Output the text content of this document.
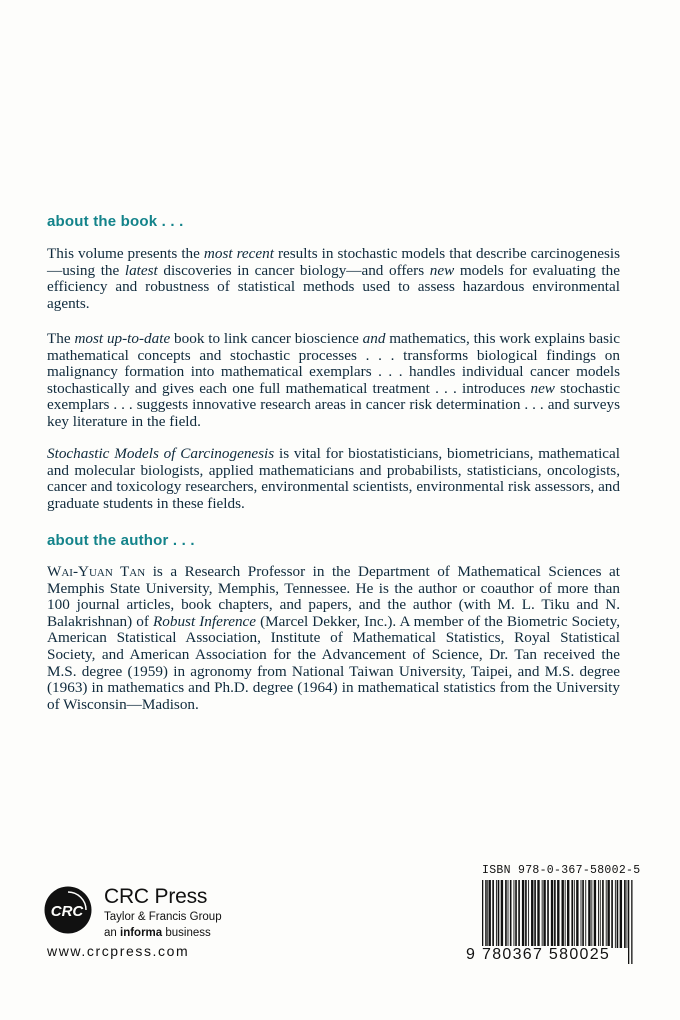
about the book . . .
This volume presents the most recent results in stochastic models that describe carcinogenesis—using the latest discoveries in cancer biology—and offers new models for evaluating the efficiency and robustness of statistical methods used to assess hazardous environmental agents.
The most up-to-date book to link cancer bioscience and mathematics, this work explains basic mathematical concepts and stochastic processes . . . transforms biological findings on malignancy formation into mathematical exemplars . . . handles individual cancer models stochastically and gives each one full mathematical treatment . . . introduces new stochastic exemplars . . . suggests innovative research areas in cancer risk determination . . . and surveys key literature in the field.
Stochastic Models of Carcinogenesis is vital for biostatisticians, biometricians, mathematical and molecular biologists, applied mathematicians and probabilists, statisticians, oncologists, cancer and toxicology researchers, environmental scientists, environmental risk assessors, and graduate students in these fields.
about the author . . .
Wai-Yuan Tan is a Research Professor in the Department of Mathematical Sciences at Memphis State University, Memphis, Tennessee. He is the author or coauthor of more than 100 journal articles, book chapters, and papers, and the author (with M. L. Tiku and N. Balakrishnan) of Robust Inference (Marcel Dekker, Inc.). A member of the Biometric Society, American Statistical Association, Institute of Mathematical Statistics, Royal Statistical Society, and American Association for the Advancement of Science, Dr. Tan received the M.S. degree (1959) in agronomy from National Taiwan University, Taipei, and M.S. degree (1963) in mathematics and Ph.D. degree (1964) in mathematical statistics from the University of Wisconsin—Madison.
CRC
CRC Press
Taylor & Francis Group
an informa business
www.crcpress.com
ISBN 978-0-367-58002-5
9 780367 580025
